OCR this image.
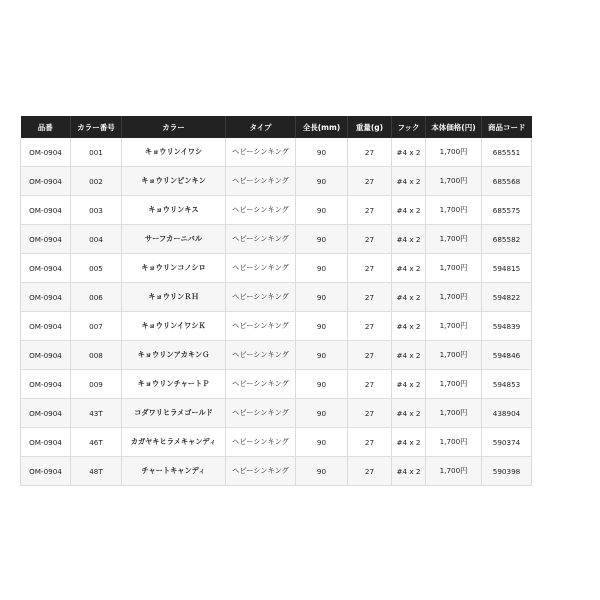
品番	カラー番号	カラー	タイプ	全長(mm)	重量(g)	フック	本体価格(円)	商品コード
OM-0904	001	キョウリンイワシ	ヘビーシンキング	90	27	#4 x 2	1,700円	685551
OM-0904	002	キョウリンピンキン	ヘビーシンキング	90	27	#4 x 2	1,700円	685568
OM-0904	003	キョウリンキス	ヘビーシンキング	90	27	#4 x 2	1,700円	685575
OM-0904	004	サーフカーニバル	ヘビーシンキング	90	27	#4 x 2	1,700円	685582
OM-0904	005	キョウリンコノシロ	ヘビーシンキング	90	27	#4 x 2	1,700円	594815
OM-0904	006	キョウリンＲＨ	ヘビーシンキング	90	27	#4 x 2	1,700円	594822
OM-0904	007	キョウリンイワシＫ	ヘビーシンキング	90	27	#4 x 2	1,700円	594839
OM-0904	008	キョウリンアカキンＧ	ヘビーシンキング	90	27	#4 x 2	1,700円	594846
OM-0904	009	キョウリンチャートＰ	ヘビーシンキング	90	27	#4 x 2	1,700円	594853
OM-0904	43T	コダワリヒラメゴールド	ヘビーシンキング	90	27	#4 x 2	1,700円	438904
OM-0904	46T	カガヤキヒラメキャンディ	ヘビーシンキング	90	27	#4 x 2	1,700円	590374
OM-0904	48T	チャートキャンディ	ヘビーシンキング	90	27	#4 x 2	1,700円	590398
